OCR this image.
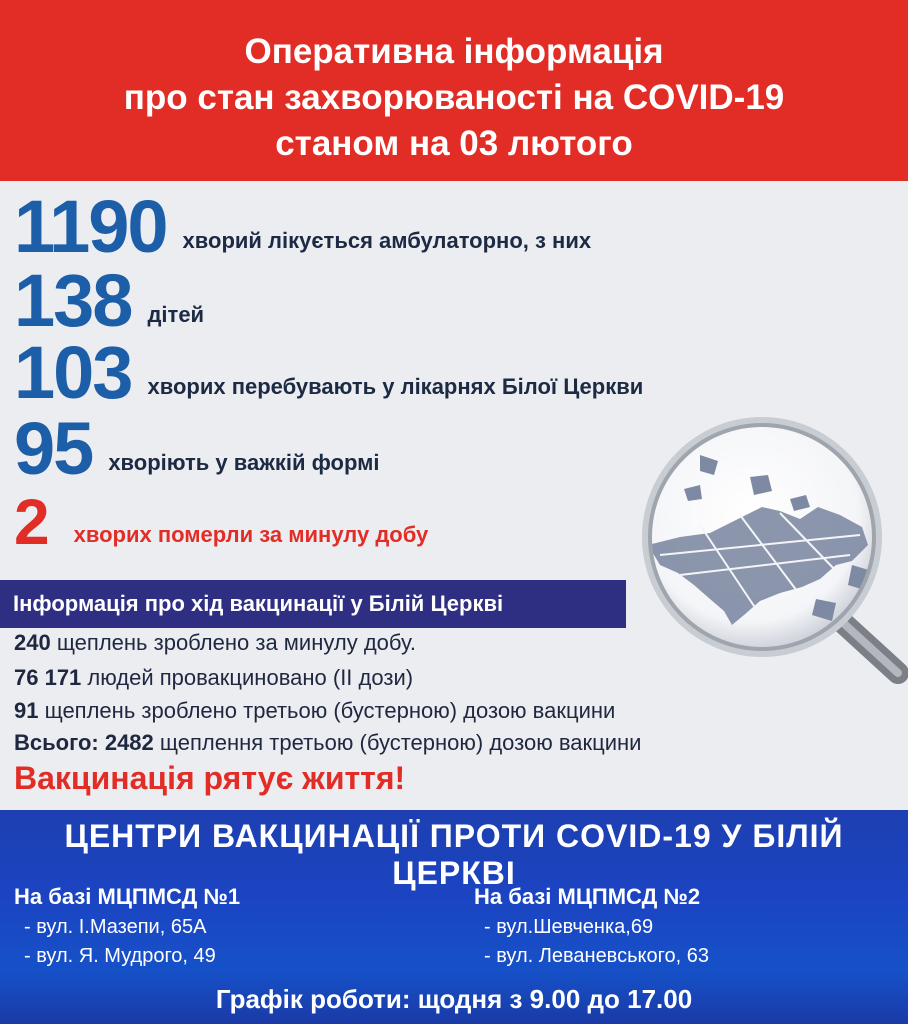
Оперативна інформація
про стан захворюваності на COVID-19
станом на 03 лютого
1190 хворий лікується амбулаторно, з них
138 дітей
103 хворих перебувають у лікарнях Білої Церкви
95 хворіють у важкій формі
2 хворих померли за минулу добу
Інформація про хід вакцинації у Білій Церкві
240 щеплень зроблено за минулу добу.
76 171 людей провакциновано (ІІ дози)
91 щеплень зроблено третьою (бустерною) дозою вакцини
Всього: 2482 щеплення третьою (бустерною) дозою вакцини
Вакцинація рятує життя!
ЦЕНТРИ ВАКЦИНАЦІЇ ПРОТИ COVID-19 У БІЛІЙ ЦЕРКВІ
На базі МЦПМСД №1
- вул. І.Мазепи, 65А
- вул. Я. Мудрого, 49
На базі МЦПМСД №2
- вул.Шевченка,69
- вул. Леваневського, 63
Графік роботи: щодня з 9.00 до 17.00
